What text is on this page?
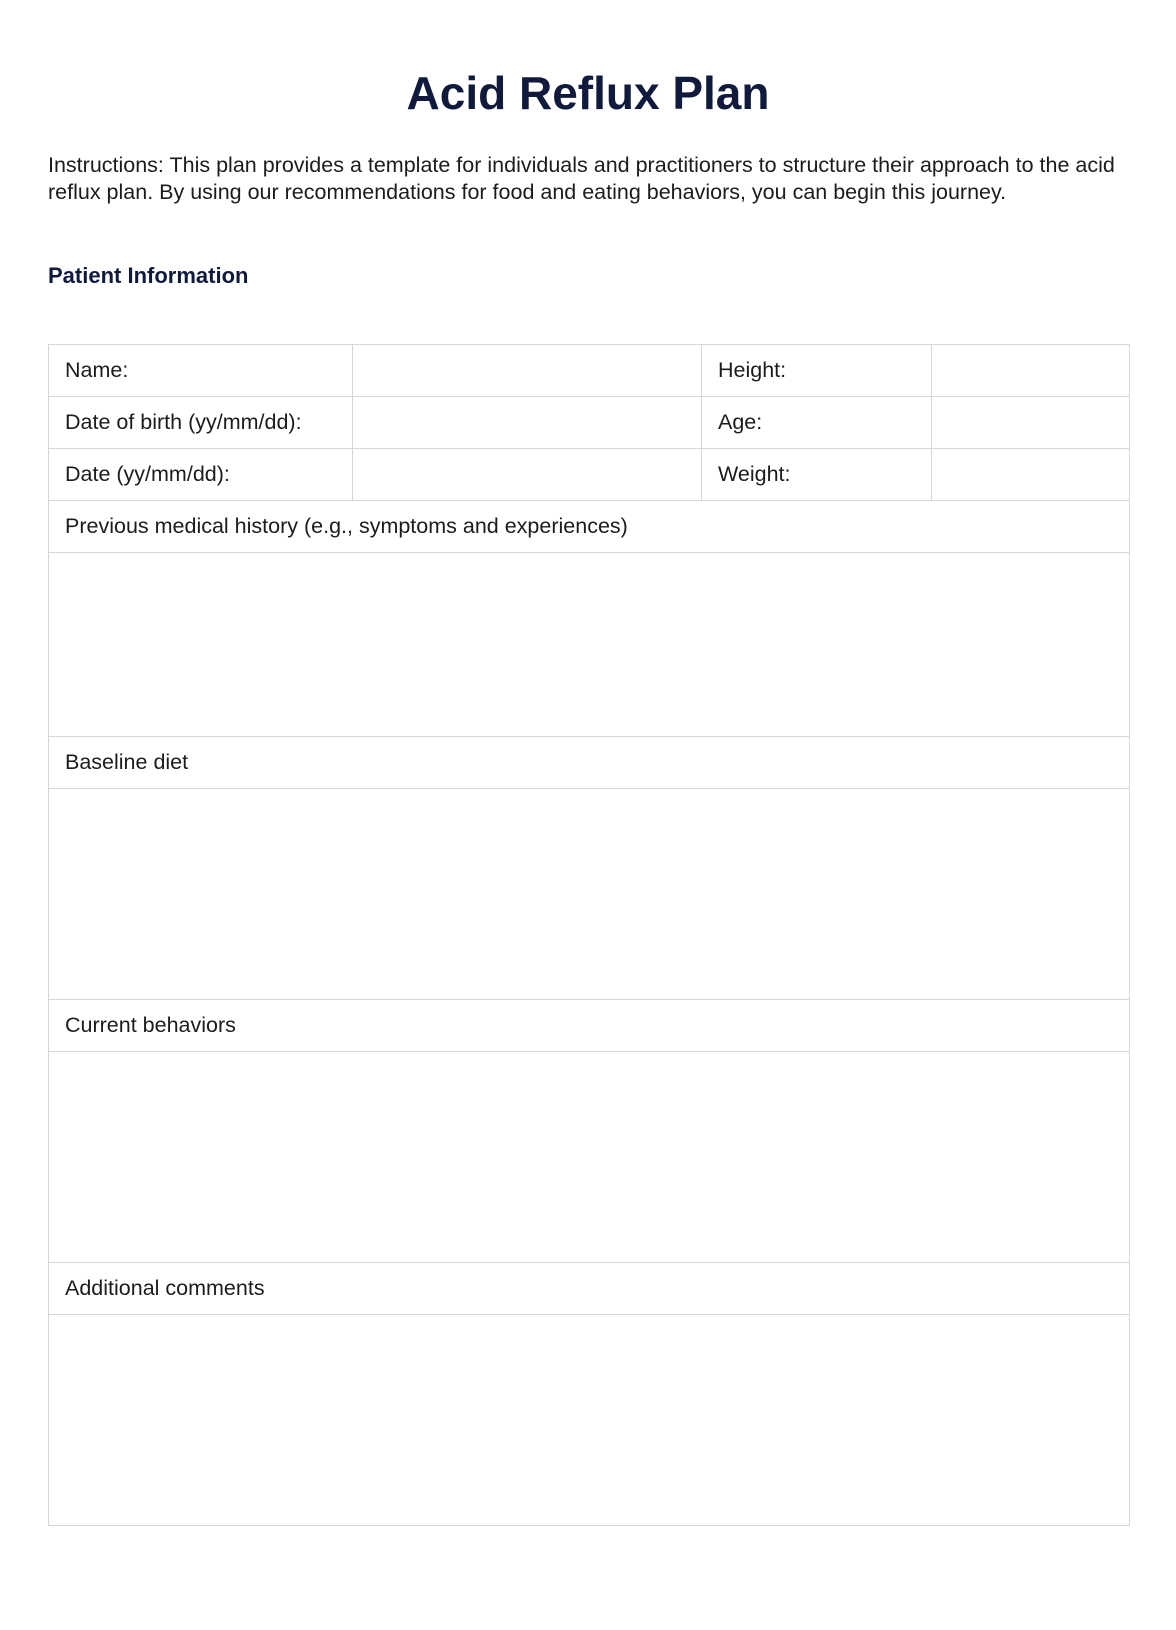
Acid Reflux Plan
Instructions: This plan provides a template for individuals and practitioners to structure their approach to the acid reflux plan. By using our recommendations for food and eating behaviors, you can begin this journey.
Patient Information
Name:		Height:	
Date of birth (yy/mm/dd):		Age:	
Date (yy/mm/dd):		Weight:	
Previous medical history (e.g., symptoms and experiences)			

Baseline diet			

Current behaviors			

Additional comments			
